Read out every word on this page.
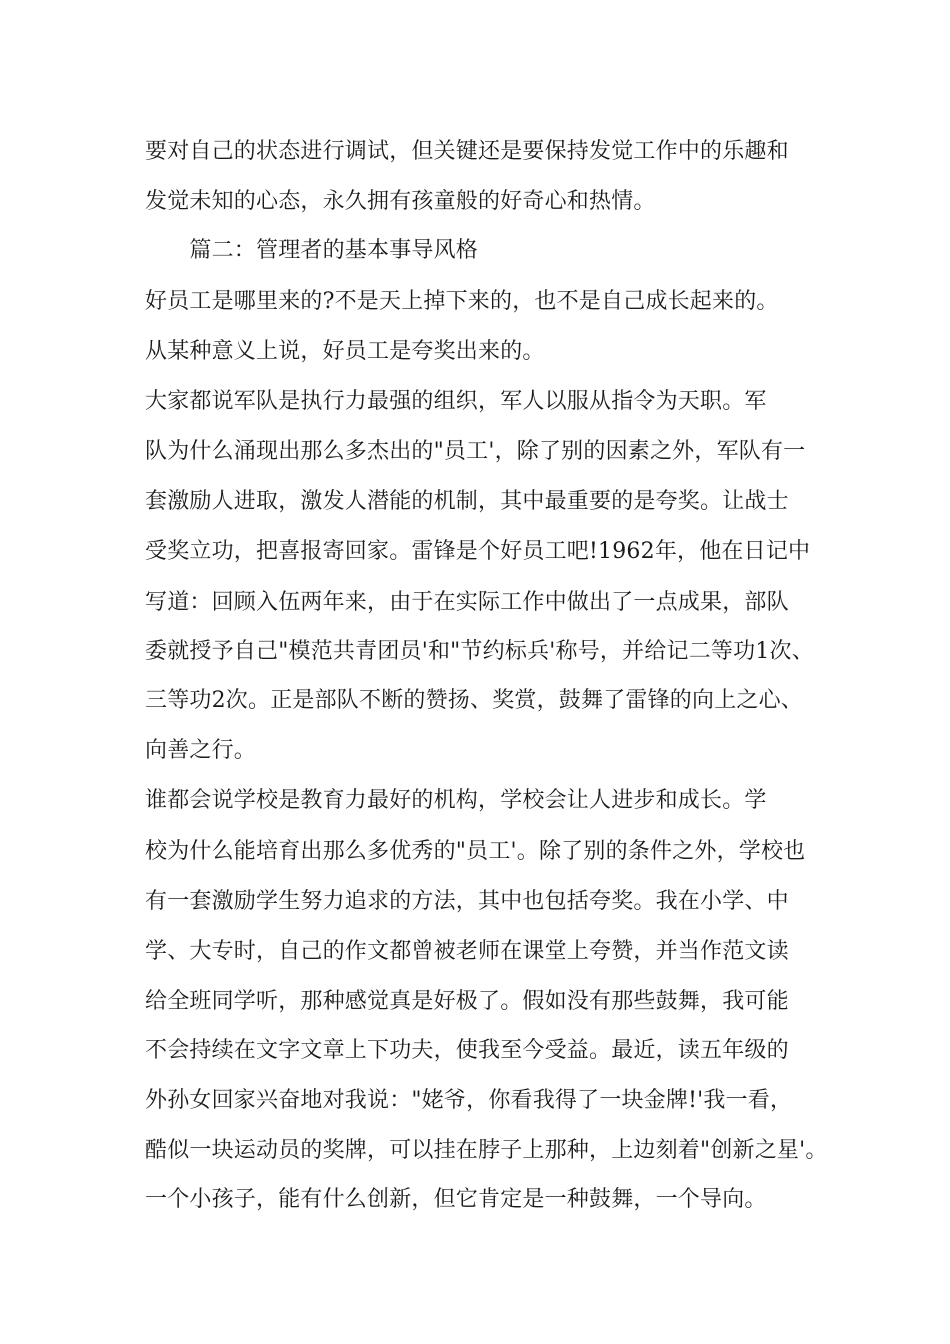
要对自己的状态进行调试，但关键还是要保持发觉工作中的乐趣和
发觉未知的心态，永久拥有孩童般的好奇心和热情。
　　篇二：管理者的基本事导风格
好员工是哪里来的?不是天上掉下来的，也不是自己成长起来的。
从某种意义上说，好员工是夸奖出来的。
大家都说军队是执行力最强的组织，军人以服从指令为天职。军
队为什么涌现出那么多杰出的"员工'，除了别的因素之外，军队有一
套激励人进取，激发人潜能的机制，其中最重要的是夸奖。让战士
受奖立功，把喜报寄回家。雷锋是个好员工吧!1962年，他在日记中
写道：回顾入伍两年来，由于在实际工作中做出了一点成果，部队
委就授予自己"模范共青团员'和"节约标兵'称号，并给记二等功1次、
三等功2次。正是部队不断的赞扬、奖赏，鼓舞了雷锋的向上之心、
向善之行。
谁都会说学校是教育力最好的机构，学校会让人进步和成长。学
校为什么能培育出那么多优秀的"员工'。除了别的条件之外，学校也
有一套激励学生努力追求的方法，其中也包括夸奖。我在小学、中
学、大专时，自己的作文都曾被老师在课堂上夸赞，并当作范文读
给全班同学听，那种感觉真是好极了。假如没有那些鼓舞，我可能
不会持续在文字文章上下功夫，使我至今受益。最近，读五年级的
外孙女回家兴奋地对我说："姥爷，你看我得了一块金牌!'我一看，
酷似一块运动员的奖牌，可以挂在脖子上那种，上边刻着"创新之星'。
一个小孩子，能有什么创新，但它肯定是一种鼓舞，一个导向。
